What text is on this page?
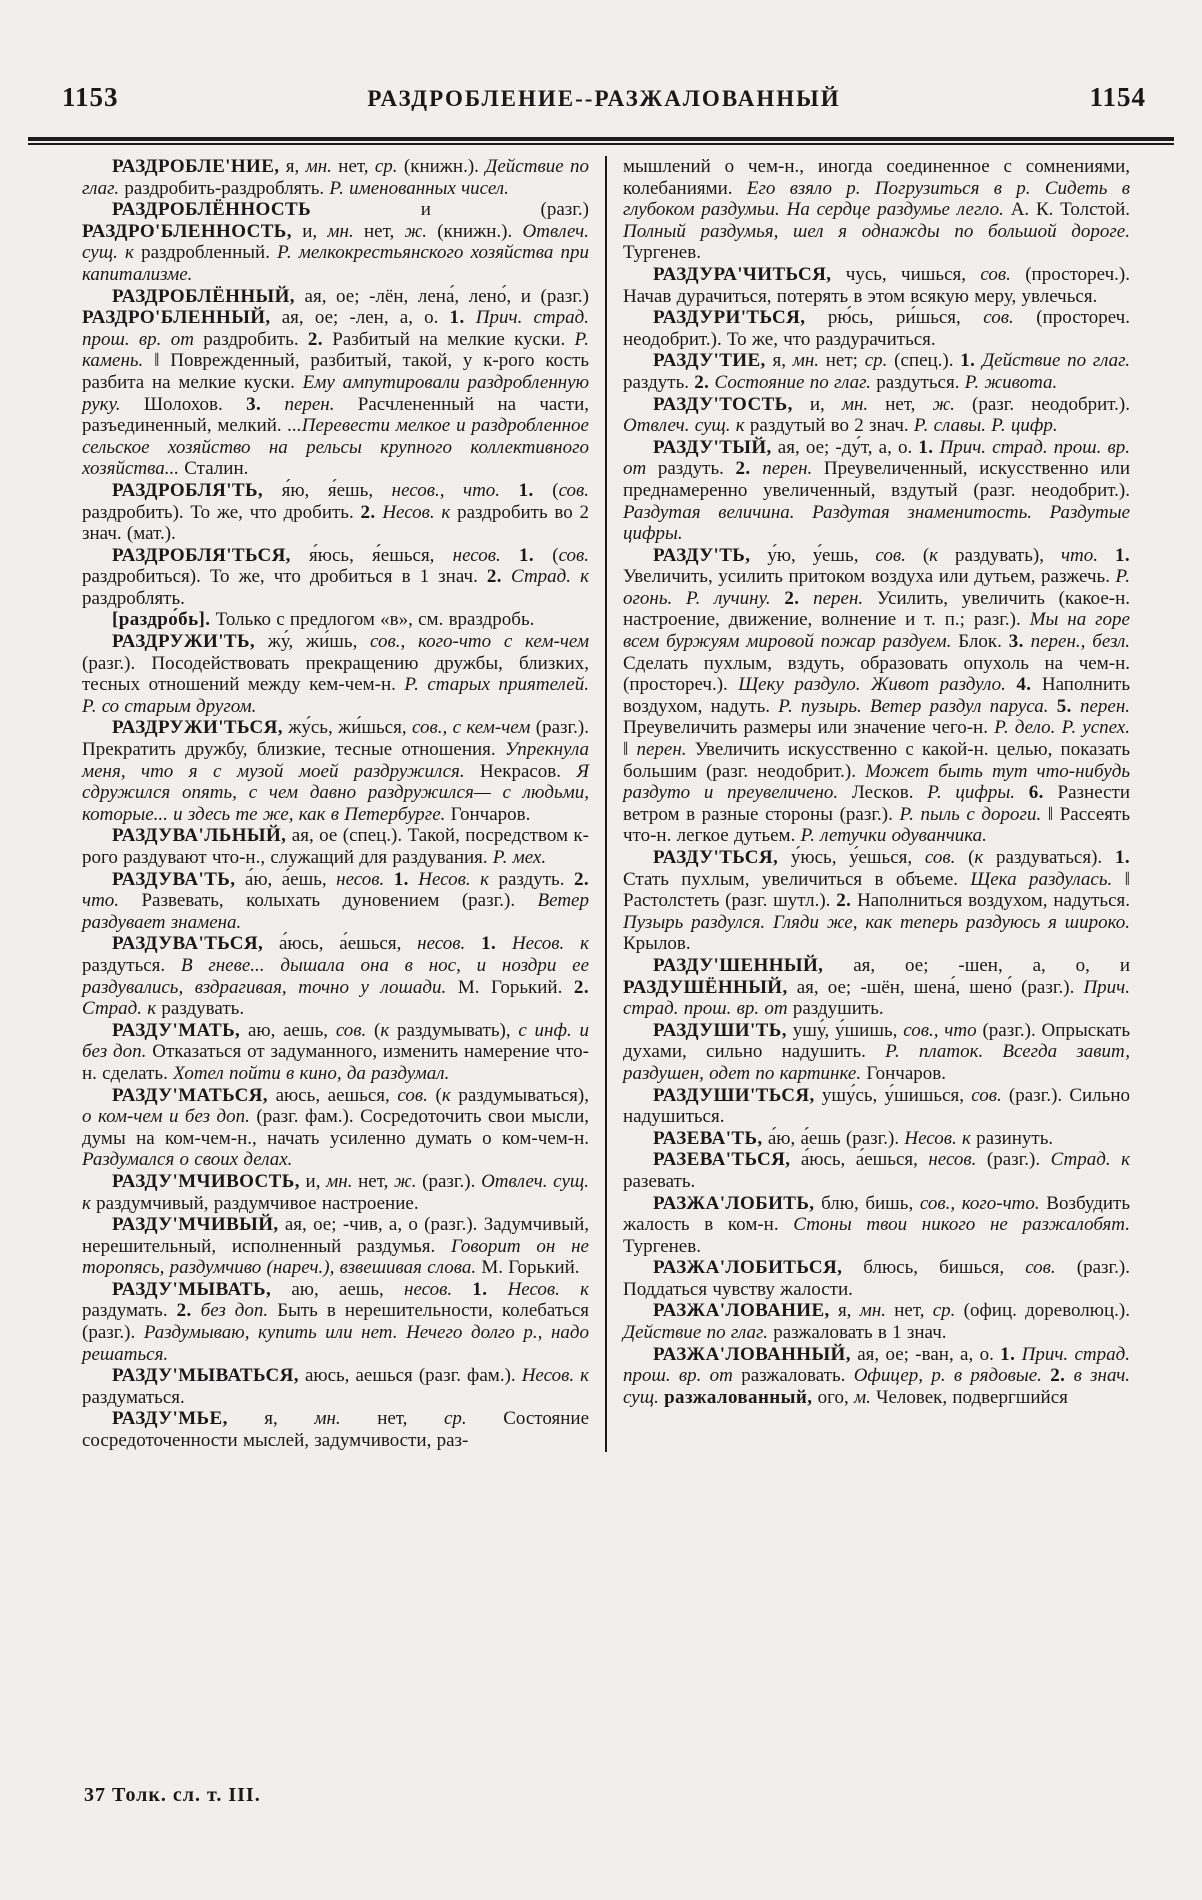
1153	РАЗДРОБЛЕНИЕ--РАЗЖАЛОВАННЫЙ	1154

РАЗДРОБЛЕ'НИЕ, я, мн. нет, ср. (книжн.). Действие по глаг. раздробить-раздроблять. Р. именованных чисел.

РАЗДРОБЛЁННОСТЬ и (разг.) РАЗДРО'БЛЕННОСТЬ, и, мн. нет, ж. (книжн.). Отвлеч. сущ. к раздробленный. Р. мелкокрестьянского хозяйства при капитализме.

РАЗДРОБЛЁННЫЙ, ая, ое; -лён, лена́, лено́, и (разг.) РАЗДРО'БЛЕННЫЙ, ая, ое; -лен, а, о. 1. Прич. страд. прош. вр. от раздробить. 2. Разбитый на мелкие куски. Р. камень. ‖ Поврежденный, разбитый, такой, у к-рого кость разбита на мелкие куски. Ему ампутировали раздробленную руку. Шолохов. 3. перен. Расчлененный на части, разъединенный, мелкий. ...Перевести мелкое и раздробленное сельское хозяйство на рельсы крупного коллективного хозяйства... Сталин.

РАЗДРОБЛЯ'ТЬ, я́ю, я́ешь, несов., что. 1. (сов. раздробить). То же, что дробить. 2. Несов. к раздробить во 2 знач. (мат.).

РАЗДРОБЛЯ'ТЬСЯ, я́юсь, я́ешься, несов. 1. (сов. раздробиться). То же, что дробиться в 1 знач. 2. Страд. к раздроблять.

[раздро́бь]. Только с предлогом «в», см. враздробь.

РАЗДРУЖИ'ТЬ, жу́, жи́шь, сов., кого-что с кем-чем (разг.). Посодействовать прекращению дружбы, близких, тесных отношений между кем-чем-н. Р. старых приятелей. Р. со старым другом.

РАЗДРУЖИ'ТЬСЯ, жу́сь, жи́шься, сов., с кем-чем (разг.). Прекратить дружбу, близкие, тесные отношения. Упрекнула меня, что я с музой моей раздружился. Некрасов. Я сдружился опять, с чем давно раздружился— с людьми, которые... и здесь те же, как в Петербурге. Гончаров.

РАЗДУВА'ЛЬНЫЙ, ая, ое (спец.). Такой, посредством к-рого раздувают что-н., служащий для раздувания. Р. мех.

РАЗДУВА'ТЬ, а́ю, а́ешь, несов. 1. Несов. к раздуть. 2. что. Развевать, колыхать дуновением (разг.). Ветер раздувает знамена.

РАЗДУВА'ТЬСЯ, а́юсь, а́ешься, несов. 1. Несов. к раздуться. В гневе... дышала она в нос, и ноздри ее раздувались, вздрагивая, точно у лошади. М. Горький. 2. Страд. к раздувать.

РАЗДУ'МАТЬ, аю, аешь, сов. (к раздумывать), с инф. и без доп. Отказаться от задуманного, изменить намерение что-н. сделать. Хотел пойти в кино, да раздумал.

РАЗДУ'МАТЬСЯ, аюсь, аешься, сов. (к раздумываться), о ком-чем и без доп. (разг. фам.). Сосредоточить свои мысли, думы на ком-чем-н., начать усиленно думать о ком-чем-н. Раздумался о своих делах.

РАЗДУ'МЧИВОСТЬ, и, мн. нет, ж. (разг.). Отвлеч. сущ. к раздумчивый, раздумчивое настроение.

РАЗДУ'МЧИВЫЙ, ая, ое; -чив, а, о (разг.). Задумчивый, нерешительный, исполненный раздумья. Говорит он не торопясь, раздумчиво (нареч.), взвешивая слова. М. Горький.

РАЗДУ'МЫВАТЬ, аю, аешь, несов. 1. Несов. к раздумать. 2. без доп. Быть в нерешительности, колебаться (разг.). Раздумываю, купить или нет. Нечего долго р., надо решаться.

РАЗДУ'МЫВАТЬСЯ, аюсь, аешься (разг. фам.). Несов. к раздуматься.

РАЗДУ'МЬЕ, я, мн. нет, ср. Состояние сосредоточенности мыслей, задумчивости, раз-

мышлений о чем-н., иногда соединенное с сомнениями, колебаниями. Его взяло р. Погрузиться в р. Сидеть в глубоком раздумьи. На сердце раздумье легло. А. К. Толстой. Полный раздумья, шел я однажды по большой дороге. Тургенев.

РАЗДУРА'ЧИТЬСЯ, чусь, чишься, сов. (простореч.). Начав дурачиться, потерять в этом всякую меру, увлечься.

РАЗДУРИ'ТЬСЯ, рю́сь, ри́шься, сов. (простореч. неодобрит.). То же, что раздурачиться.

РАЗДУ'ТИЕ, я, мн. нет; ср. (спец.). 1. Действие по глаг. раздуть. 2. Состояние по глаг. раздуться. Р. живота.

РАЗДУ'ТОСТЬ, и, мн. нет, ж. (разг. неодобрит.). Отвлеч. сущ. к раздутый во 2 знач. Р. славы. Р. цифр.

РАЗДУ'ТЫЙ, ая, ое; -ду́т, а, о. 1. Прич. страд. прош. вр. от раздуть. 2. перен. Преувеличенный, искусственно или преднамеренно увеличенный, вздутый (разг. неодобрит.). Раздутая величина. Раздутая знаменитость. Раздутые цифры.

РАЗДУ'ТЬ, у́ю, у́ешь, сов. (к раздувать), что. 1. Увеличить, усилить притоком воздуха или дутьем, разжечь. Р. огонь. Р. лучину. 2. перен. Усилить, увеличить (какое-н. настроение, движение, волнение и т. п.; разг.). Мы на горе всем буржуям мировой пожар раздуем. Блок. 3. перен., безл. Сделать пухлым, вздуть, образовать опухоль на чем-н. (простореч.). Щеку раздуло. Живот раздуло. 4. Наполнить воздухом, надуть. Р. пузырь. Ветер раздул паруса. 5. перен. Преувеличить размеры или значение чего-н. Р. дело. Р. успех. ‖ перен. Увеличить искусственно с какой-н. целью, показать большим (разг. неодобрит.). Может быть тут что-нибудь раздуто и преувеличено. Лесков. Р. цифры. 6. Разнести ветром в разные стороны (разг.). Р. пыль с дороги. ‖ Рассеять что-н. легкое дутьем. Р. летучки одуванчика.

РАЗДУ'ТЬСЯ, у́юсь, у́ешься, сов. (к раздуваться). 1. Стать пухлым, увеличиться в объеме. Щека раздулась. ‖ Растолстеть (разг. шутл.). 2. Наполниться воздухом, надуться. Пузырь раздулся. Гляди же, как теперь раздуюсь я широко. Крылов.

РАЗДУ'ШЕННЫЙ, ая, ое; -шен, а, о, и РАЗДУШЁННЫЙ, ая, ое; -шён, шена́, шено́ (разг.). Прич. страд. прош. вр. от раздушить.

РАЗДУШИ'ТЬ, ушу́, у́шишь, сов., что (разг.). Опрыскать духами, сильно надушить. Р. платок. Всегда завит, раздушен, одет по картинке. Гончаров.

РАЗДУШИ'ТЬСЯ, ушу́сь, у́шишься, сов. (разг.). Сильно надушиться.

РАЗЕВА'ТЬ, а́ю, а́ешь (разг.). Несов. к разинуть.

РАЗЕВА'ТЬСЯ, а́юсь, а́ешься, несов. (разг.). Страд. к разевать.

РАЗЖА'ЛОБИТЬ, блю, бишь, сов., кого-что. Возбудить жалость в ком-н. Стоны твои никого не разжалобят. Тургенев.

РАЗЖА'ЛОБИТЬСЯ, блюсь, бишься, сов. (разг.). Поддаться чувству жалости.

РАЗЖА'ЛОВАНИЕ, я, мн. нет, ср. (офиц. дореволюц.). Действие по глаг. разжаловать в 1 знач.

РАЗЖА'ЛОВАННЫЙ, ая, ое; -ван, а, о. 1. Прич. страд. прош. вр. от разжаловать. Офицер, р. в рядовые. 2. в знач. сущ. разжалованный, ого, м. Человек, подвергшийся

37 Толк. сл. т. III.
